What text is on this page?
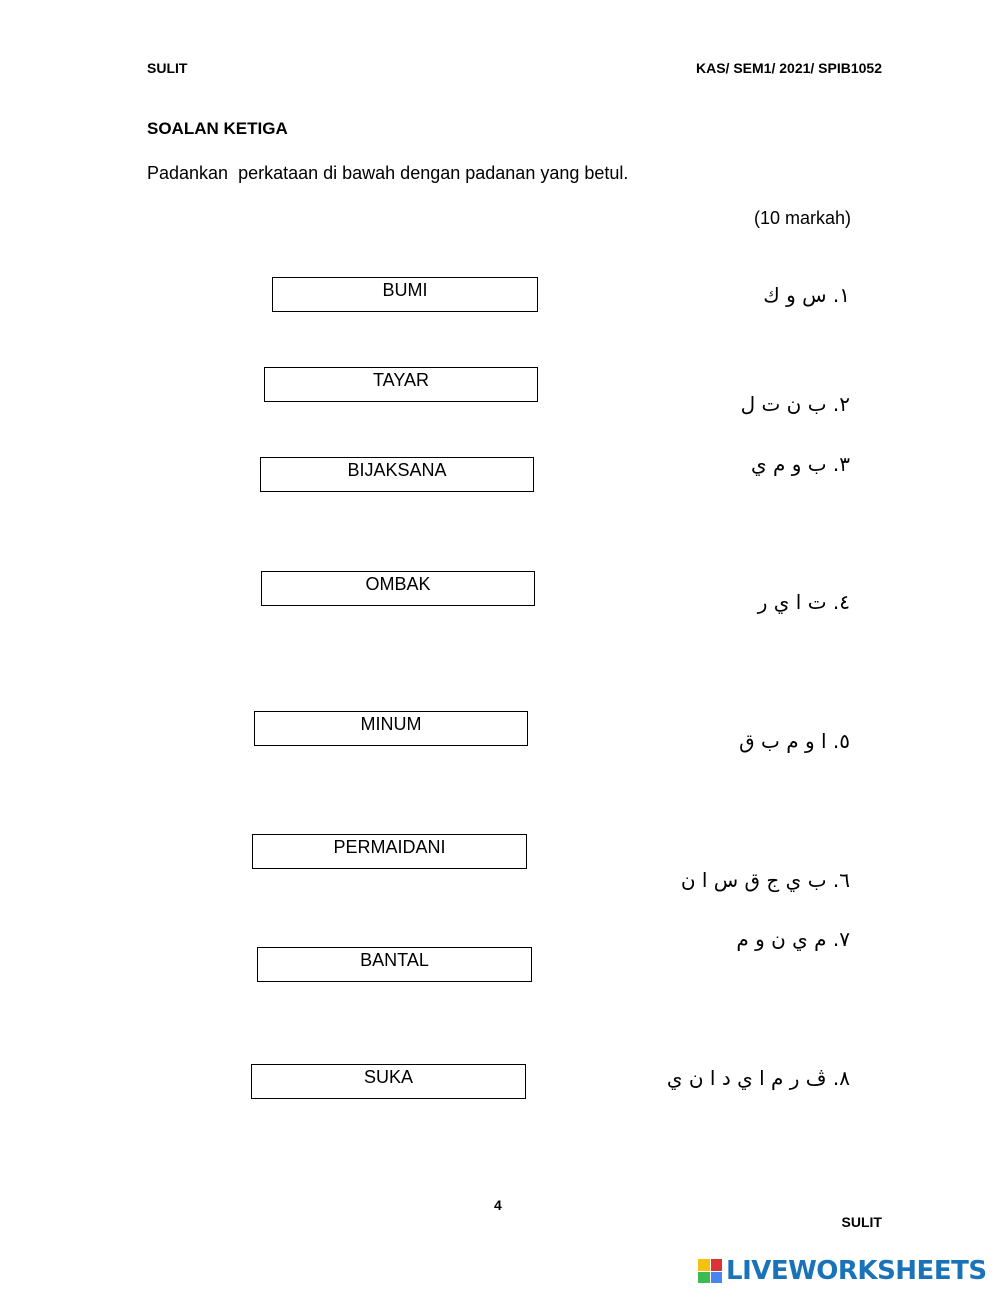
SULIT	KAS/ SEM1/ 2021/ SPIB1052
SOALAN KETIGA
Padankan  perkataan di bawah dengan padanan yang betul.
(10 markah)
BUMI
TAYAR
BIJAKSANA
OMBAK
MINUM
PERMAIDANI
BANTAL
SUKA
١. س و ك
٢. ب ن ت ل
٣. ب و م ي
٤. ت ا ي ر
٥. ا و م ب ق
٦. ب ي ج ق س ا ن
٧. م ي ن و م
٨. ڤ ر م ا ي د ا ن ي
4
SULIT
LIVEWORKSHEETS
